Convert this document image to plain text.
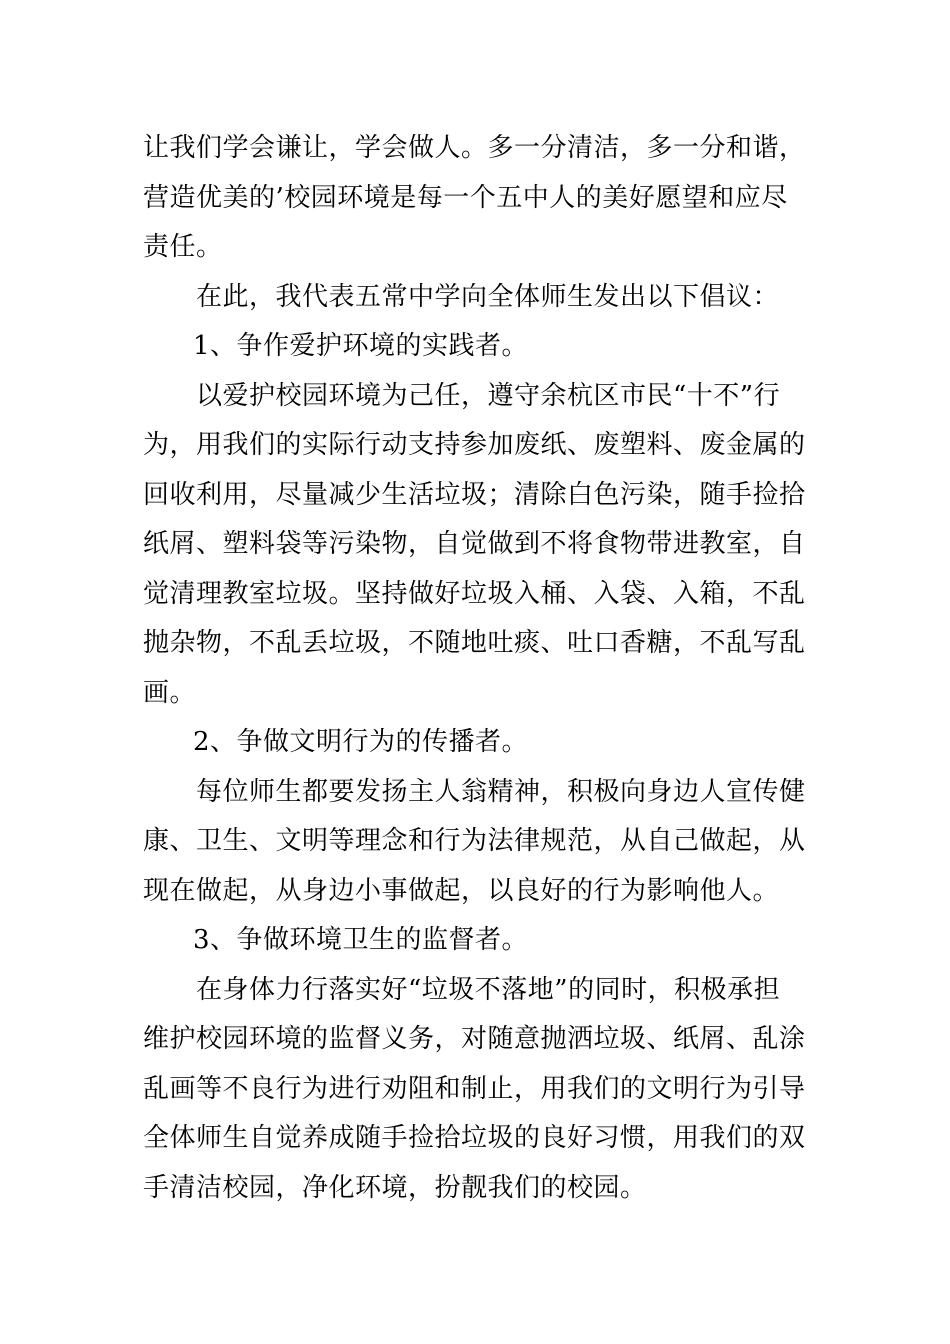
让我们学会谦让，学会做人。多一分清洁，多一分和谐，
营造优美的’校园环境是每一个五中人的美好愿望和应尽
责任。
在此，我代表五常中学向全体师生发出以下倡议：
1、争作爱护环境的实践者。
以爱护校园环境为己任，遵守余杭区市民“十不”行
为，用我们的实际行动支持参加废纸、废塑料、废金属的
回收利用，尽量减少生活垃圾；清除白色污染，随手捡拾
纸屑、塑料袋等污染物，自觉做到不将食物带进教室，自
觉清理教室垃圾。坚持做好垃圾入桶、入袋、入箱，不乱
抛杂物，不乱丢垃圾，不随地吐痰、吐口香糖，不乱写乱
画。
2、争做文明行为的传播者。
每位师生都要发扬主人翁精神，积极向身边人宣传健
康、卫生、文明等理念和行为法律规范，从自己做起，从
现在做起，从身边小事做起，以良好的行为影响他人。
3、争做环境卫生的监督者。
在身体力行落实好“垃圾不落地”的同时，积极承担
维护校园环境的监督义务，对随意抛洒垃圾、纸屑、乱涂
乱画等不良行为进行劝阻和制止，用我们的文明行为引导
全体师生自觉养成随手捡拾垃圾的良好习惯，用我们的双
手清洁校园，净化环境，扮靓我们的校园。
